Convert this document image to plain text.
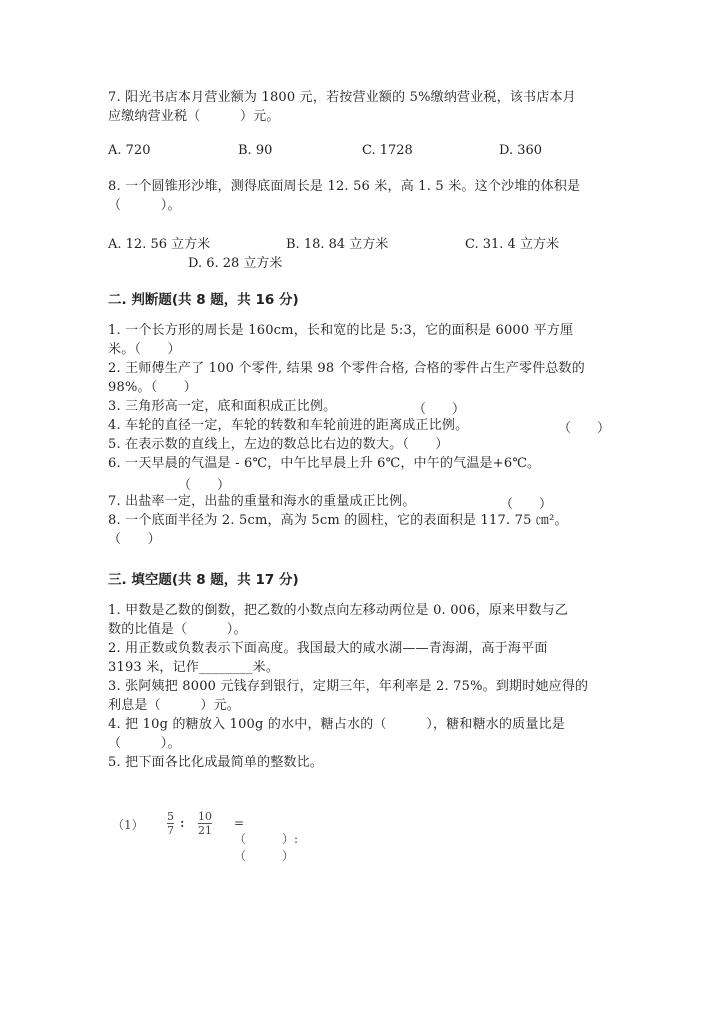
7. 阳光书店本月营业额为 1800 元，若按营业额的 5%缴纳营业税，该书店本月
应缴纳营业税（　　　）元。
A. 720	B. 90	C. 1728	D. 360
8. 一个圆锥形沙堆，测得底面周长是 12. 56 米，高 1. 5 米。这个沙堆的体积是
（　　　）。
A. 12. 56 立方米	B. 18. 84 立方米	C. 31. 4 立方米
D. 6. 28 立方米
二. 判断题(共 8 题，共 16 分)
1. 一个长方形的周长是 160cm，长和宽的比是 5:3，它的面积是 6000 平方厘
米。（　　）
2. 王师傅生产了 100 个零件, 结果 98 个零件合格, 合格的零件占生产零件总数的
98%。（　　）
3. 三角形高一定，底和面积成正比例。	（　　）
4. 车轮的直径一定，车轮的转数和车轮前进的距离成正比例。	（　　）
5. 在表示数的直线上，左边的数总比右边的数大。（　　）
6. 一天早晨的气温是 - 6℃，中午比早晨上升 6℃，中午的气温是+6℃。
（　　）
7. 出盐率一定，出盐的重量和海水的重量成正比例。	（　　）
8. 一个底面半径为 2. 5cm，高为 5cm 的圆柱，它的表面积是 117. 75 ㎝²。
（　　）
三. 填空题(共 8 题，共 17 分)
1. 甲数是乙数的倒数，把乙数的小数点向左移动两位是 0. 006，原来甲数与乙
数的比值是（　　　）。
2. 用正数或负数表示下面高度。我国最大的咸水湖——青海湖，高于海平面
3193 米，记作________米。
3. 张阿姨把 8000 元钱存到银行，定期三年，年利率是 2. 75%。到期时她应得的
利息是（　　　）元。
4. 把 10g 的糖放入 100g 的水中，糖占水的（　　　），糖和糖水的质量比是
（　　　）。
5. 把下面各比化成最简单的整数比。
（1）
5
7
: 10
21
=（　　　）:（　　　）
